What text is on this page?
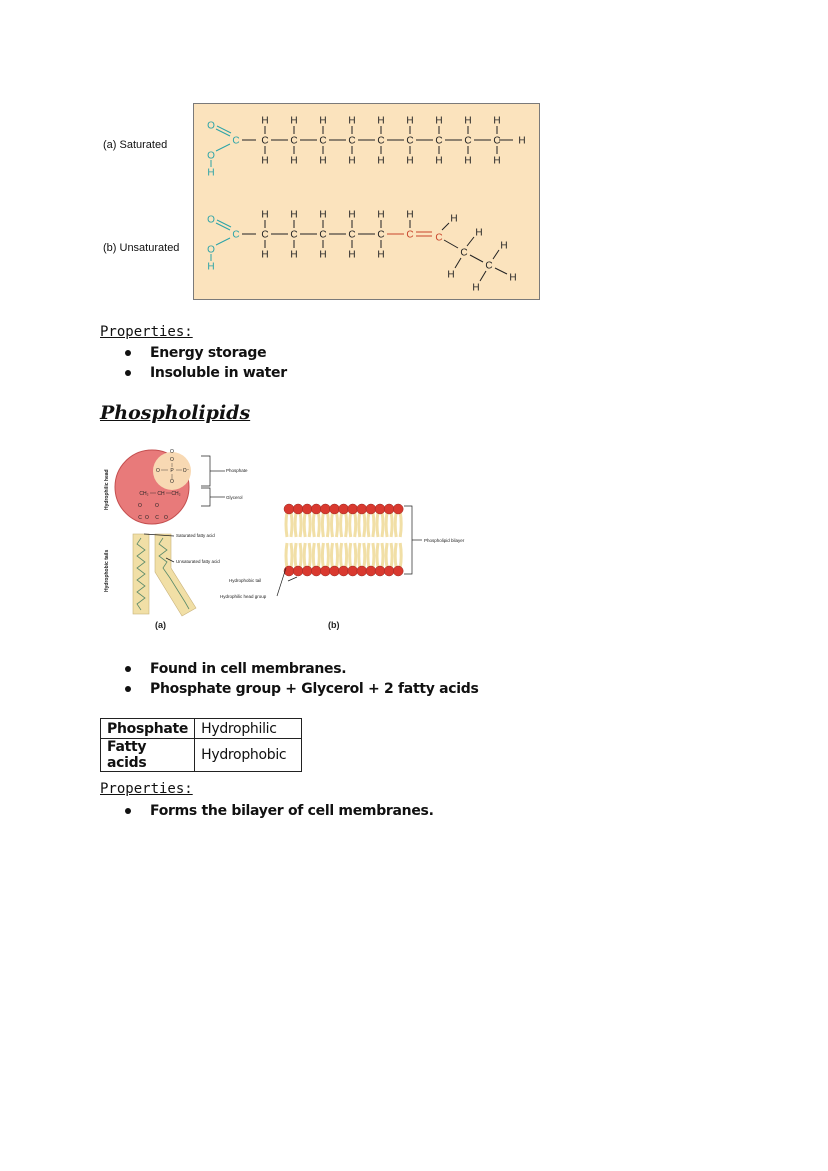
(a) Saturated
(b) Unsaturated
O
C
O
H
C
H
H
C
H
H
C
H
H
C
H
H
C
H
H
C
H
H
C
H
H
C
H
H
C
H
H
H
O
C
O
H
C
H
H
C
H
H
C
H
H
C
H
H
C
H
H
C
H
C
H
C
H
H
C
H
H
H
Properties:
Energy storage
Insoluble in water
Phospholipids
Hydrophilic head
Hydrophobic tails
O
O
O P O⁻
O
CH₂ CH CH₂
O	O
C O C O
Phosphate
Glycerol
Saturated fatty acid
Unsaturated fatty acid
Phospholipid bilayer
Hydrophobic tail
Hydrophilic head group
(a)	(b)
Found in cell membranes.
Phosphate group + Glycerol + 2 fatty acids
Phosphate	Hydrophilic
Fatty acids	Hydrophobic
Properties:
Forms the bilayer of cell membranes.
